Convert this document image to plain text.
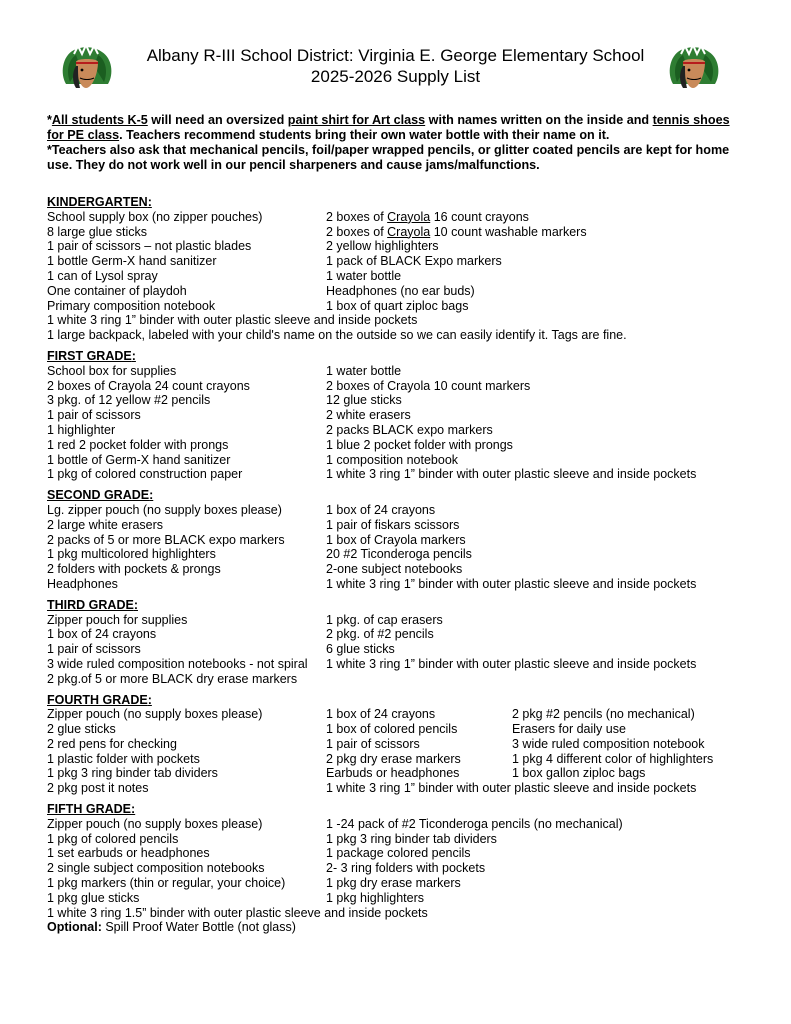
Albany R-III School District: Virginia E. George Elementary School
2025-2026 Supply List

*All students K-5 will need an oversized paint shirt for Art class with names written on the inside and tennis shoes for PE class. Teachers recommend students bring their own water bottle with their name on it.

*Teachers also ask that mechanical pencils, foil/paper wrapped pencils, or glitter coated pencils are kept for home use. They do not work well in our pencil sharpeners and cause jams/malfunctions.

KINDERGARTEN:
School supply box (no zipper pouches)	2 boxes of Crayola 16 count crayons
8 large glue sticks	2 boxes of Crayola 10 count washable markers
1 pair of scissors – not plastic blades	2 yellow highlighters
1 bottle Germ-X hand sanitizer	1 pack of BLACK Expo markers
1 can of Lysol spray	1 water bottle
One container of playdoh	Headphones (no ear buds)
Primary composition notebook	1 box of quart ziploc bags
1 white 3 ring 1” binder with outer plastic sleeve and inside pockets
1 large backpack, labeled with your child's name on the outside so we can easily identify it. Tags are fine.
FIRST GRADE:
School box for supplies	1 water bottle
2 boxes of Crayola 24 count crayons	2 boxes of Crayola 10 count markers
3 pkg. of 12 yellow #2 pencils	12 glue sticks
1 pair of scissors	2 white erasers
1 highlighter	2 packs BLACK expo markers
1 red 2 pocket folder with prongs	1 blue 2 pocket folder with prongs
1 bottle of Germ-X hand sanitizer	1 composition notebook
1 pkg of colored construction paper	1 white 3 ring 1” binder with outer plastic sleeve and inside pockets
SECOND GRADE:
Lg. zipper pouch (no supply boxes please)	1 box of 24 crayons
2 large white erasers	1 pair of fiskars scissors
2 packs of 5 or more BLACK expo markers	1 box of Crayola markers
1 pkg multicolored highlighters	20 #2 Ticonderoga pencils
2 folders with pockets & prongs	2-one subject notebooks
Headphones	1 white 3 ring 1” binder with outer plastic sleeve and inside pockets
THIRD GRADE:
Zipper pouch for supplies	1 pkg. of cap erasers
1 box of 24 crayons	2 pkg. of #2 pencils
1 pair of scissors	6 glue sticks
3 wide ruled composition notebooks - not spiral	1 white 3 ring 1” binder with outer plastic sleeve and inside pockets
2 pkg.of 5 or more BLACK dry erase markers
FOURTH GRADE:
Zipper pouch (no supply boxes please)	1 box of 24 crayons	2 pkg #2 pencils (no mechanical)
2 glue sticks	1 box of colored pencils	Erasers for daily use
2 red pens for checking	1 pair of scissors	3 wide ruled composition notebook
1 plastic folder with pockets	2 pkg dry erase markers	1 pkg 4 different color of highlighters
1 pkg 3 ring binder tab dividers	Earbuds or headphones	1 box gallon ziploc bags
2 pkg post it notes	1 white 3 ring 1” binder with outer plastic sleeve and inside pockets
FIFTH GRADE:
Zipper pouch (no supply boxes please)	1 -24 pack of #2 Ticonderoga pencils (no mechanical)
1 pkg of colored pencils	1 pkg 3 ring binder tab dividers
1 set earbuds or headphones	1 package colored pencils
2 single subject composition notebooks	2- 3 ring folders with pockets
1 pkg markers (thin or regular, your choice)	1 pkg dry erase markers
1 pkg glue sticks	1 pkg highlighters
1 white 3 ring 1.5” binder with outer plastic sleeve and inside pockets
Optional: Spill Proof Water Bottle (not glass)
